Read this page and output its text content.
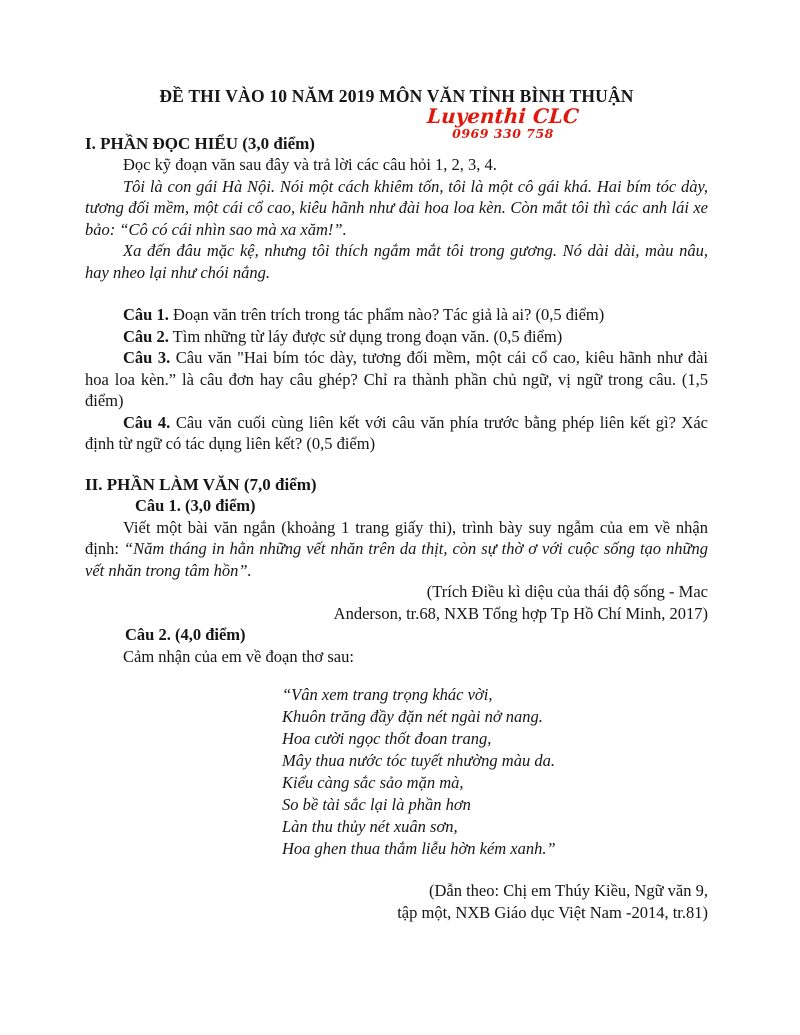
Luyenthi CLC
0969 330 758
ĐỀ THI VÀO 10 NĂM 2019 MÔN VĂN TỈNH BÌNH THUẬN
I. PHẦN ĐỌC HIỂU (3,0 điểm)

Đọc kỹ đoạn văn sau đây và trả lời các câu hỏi 1, 2, 3, 4.

Tôi là con gái Hà Nội. Nói một cách khiêm tốn, tôi là một cô gái khá. Hai bím tóc dày, tương đối mềm, một cái cổ cao, kiêu hãnh như đài hoa loa kèn. Còn mắt tôi thì các anh lái xe bảo: “Cô có cái nhìn sao mà xa xăm!”.

Xa đến đâu mặc kệ, nhưng tôi thích ngắm mắt tôi trong gương. Nó dài dài, màu nâu, hay nheo lại như chói nắng.

Câu 1. Đoạn văn trên trích trong tác phẩm nào? Tác giả là ai? (0,5 điểm)

Câu 2. Tìm những từ láy được sử dụng trong đoạn văn. (0,5 điểm)

Câu 3. Câu văn "Hai bím tóc dày, tương đối mềm, một cái cổ cao, kiêu hãnh như đài hoa loa kèn.” là câu đơn hay câu ghép? Chỉ ra thành phần chủ ngữ, vị ngữ trong câu. (1,5 điểm)

Câu 4. Câu văn cuối cùng liên kết với câu văn phía trước bằng phép liên kết gì? Xác định từ ngữ có tác dụng liên kết? (0,5 điểm)

II. PHẦN LÀM VĂN (7,0 điểm)
Câu 1. (3,0 điểm)

Viết một bài văn ngắn (khoảng 1 trang giấy thi), trình bày suy ngẫm của em về nhận định: “Năm tháng in hằn những vết nhăn trên da thịt, còn sự thờ ơ với cuộc sống tạo những vết nhăn trong tâm hồn”.

(Trích Điều kì diệu của thái độ sống - Mac
Anderson, tr.68, NXB Tổng hợp Tp Hồ Chí Minh, 2017)
Câu 2. (4,0 điểm)

Cảm nhận của em về đoạn thơ sau:

“Vân xem trang trọng khác vời,
Khuôn trăng đầy đặn nét ngài nở nang.
Hoa cười ngọc thốt đoan trang,
Mây thua nước tóc tuyết nhường màu da.
Kiểu càng sắc sảo mặn mà,
So bề tài sắc lại là phần hơn
Làn thu thủy nét xuân sơn,
Hoa ghen thua thắm liễu hờn kém xanh.”
(Dẫn theo: Chị em Thúy Kiều, Ngữ văn 9,
tập một, NXB Giáo dục Việt Nam -2014, tr.81)
